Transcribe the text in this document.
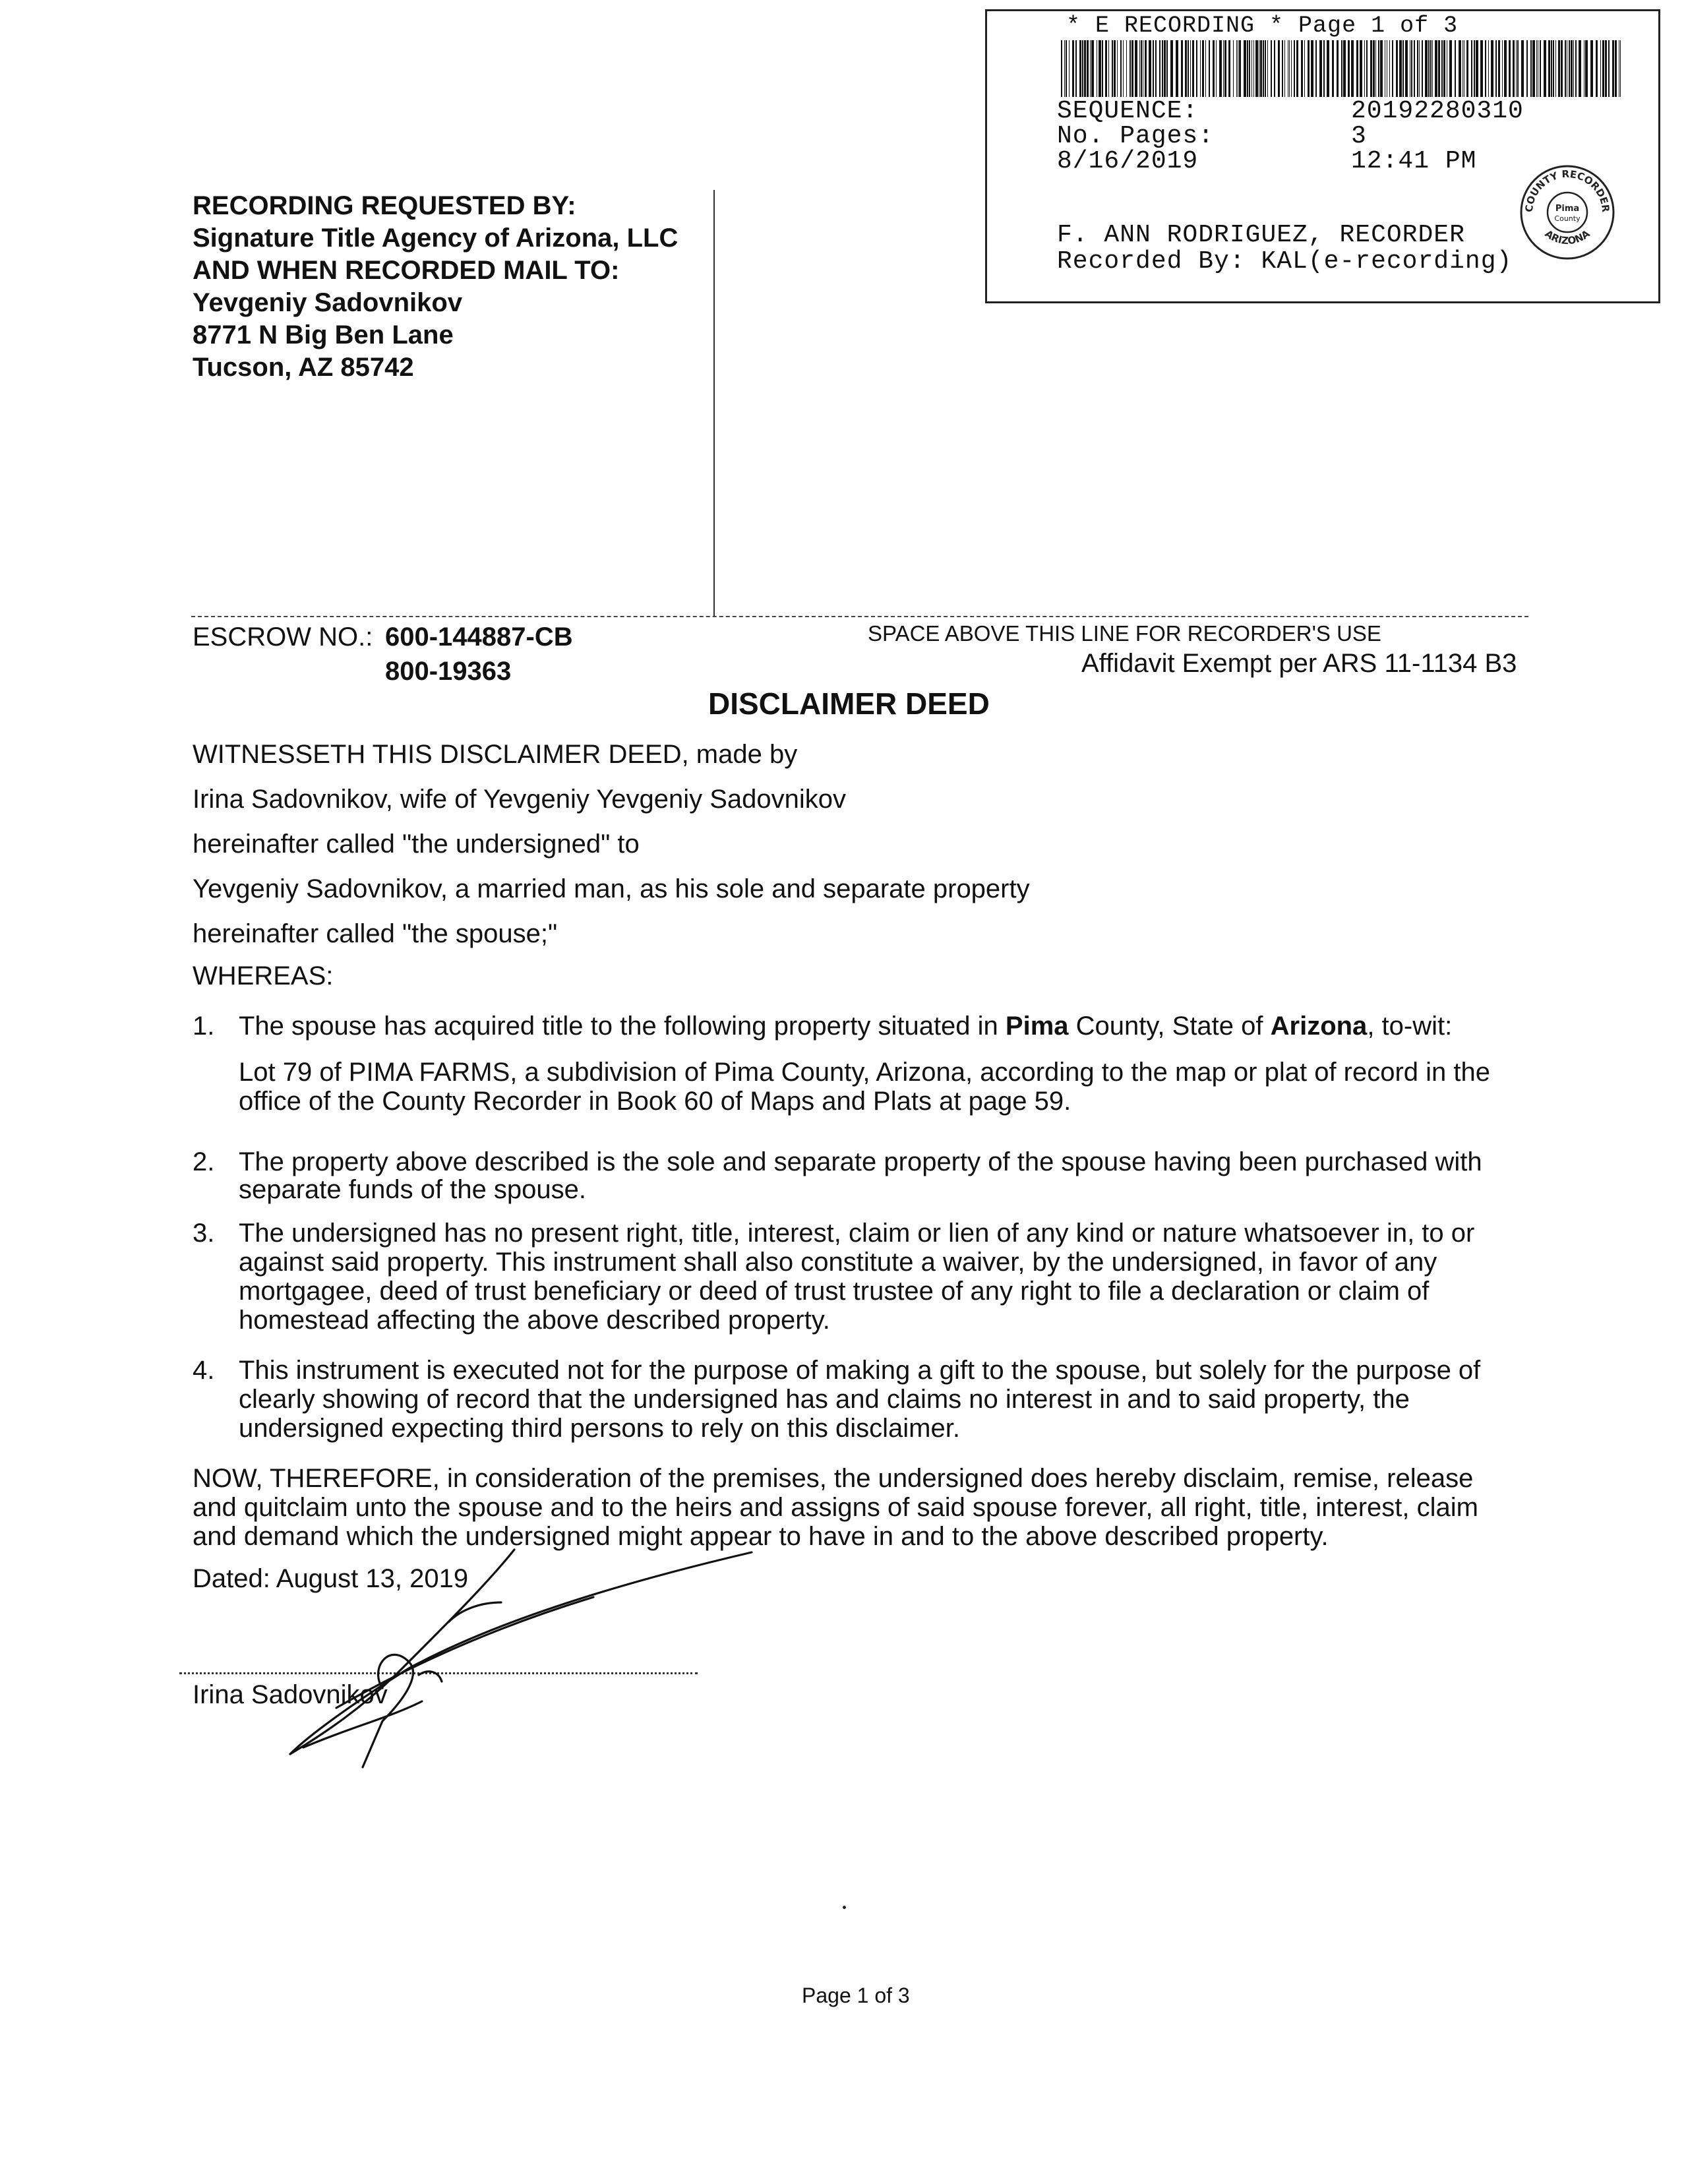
* E RECORDING * Page 1 of 3
SEQUENCE:	20192280310
No. Pages:	3
8/16/2019	12:41 PM
F. ANN RODRIGUEZ, RECORDER
Recorded By: KAL(e-recording)
COUNTY RECORDER
ARIZONA
Pima
County
RECORDING REQUESTED BY:
Signature Title Agency of Arizona, LLC
AND WHEN RECORDED MAIL TO:
Yevgeniy Sadovnikov
8771 N Big Ben Lane
Tucson, AZ 85742
ESCROW NO.: 600-144887-CB
800-19363
SPACE ABOVE THIS LINE FOR RECORDER'S USE
Affidavit Exempt per ARS 11-1134 B3
DISCLAIMER DEED
WITNESSETH THIS DISCLAIMER DEED, made by
Irina Sadovnikov, wife of Yevgeniy Yevgeniy Sadovnikov
hereinafter called "the undersigned" to
Yevgeniy Sadovnikov, a married man, as his sole and separate property
hereinafter called "the spouse;"
WHEREAS:
1. The spouse has acquired title to the following property situated in Pima County, State of Arizona, to-wit:
Lot 79 of PIMA FARMS, a subdivision of Pima County, Arizona, according to the map or plat of record in the
office of the County Recorder in Book 60 of Maps and Plats at page 59.
2. The property above described is the sole and separate property of the spouse having been purchased with
separate funds of the spouse.
3. The undersigned has no present right, title, interest, claim or lien of any kind or nature whatsoever in, to or
against said property. This instrument shall also constitute a waiver, by the undersigned, in favor of any
mortgagee, deed of trust beneficiary or deed of trust trustee of any right to file a declaration or claim of
homestead affecting the above described property.
4. This instrument is executed not for the purpose of making a gift to the spouse, but solely for the purpose of
clearly showing of record that the undersigned has and claims no interest in and to said property, the
undersigned expecting third persons to rely on this disclaimer.
NOW, THEREFORE, in consideration of the premises, the undersigned does hereby disclaim, remise, release
and quitclaim unto the spouse and to the heirs and assigns of said spouse forever, all right, title, interest, claim
and demand which the undersigned might appear to have in and to the above described property.
Dated: August 13, 2019
Irina Sadovnikov
Page 1 of 3
